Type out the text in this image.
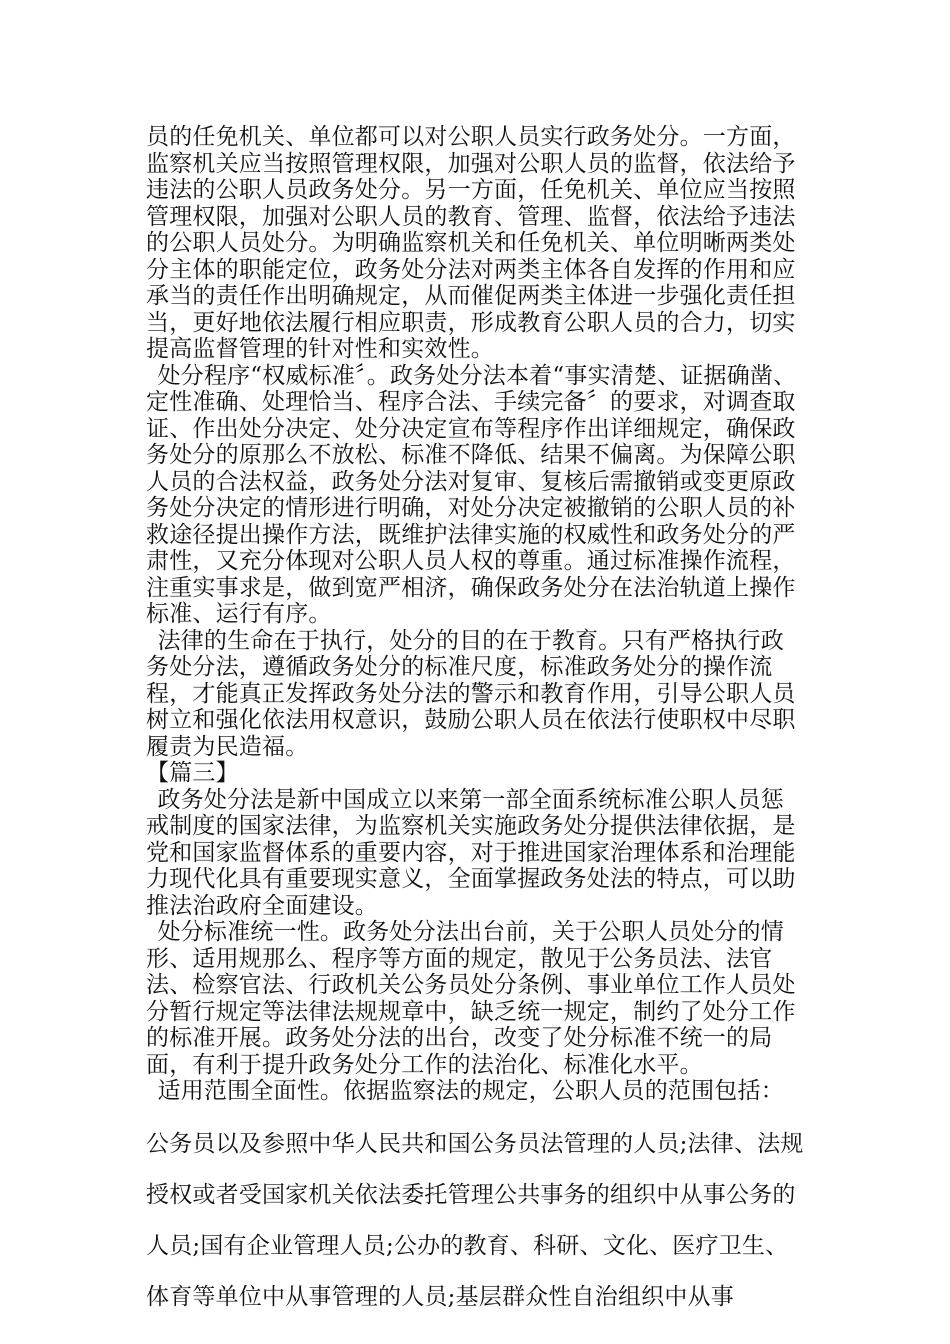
员的任免机关、单位都可以对公职人员实行政务处分。一方面，监察机关应当按照管理权限，加强对公职人员的监督，依法给予违法的公职人员政务处分。另一方面，任免机关、单位应当按照管理权限，加强对公职人员的教育、管理、监督，依法给予违法的公职人员处分。为明确监察机关和任免机关、单位明晰两类处分主体的职能定位，政务处分法对两类主体各自发挥的作用和应承当的责任作出明确规定，从而催促两类主体进一步强化责任担当，更好地依法履行相应职责，形成教育公职人员的合力，切实提高监督管理的针对性和实效性。

处分程序“权威标准〞。政务处分法本着“事实清楚、证据确凿、定性准确、处理恰当、程序合法、手续完备〞的要求，对调查取证、作出处分决定、处分决定宣布等程序作出详细规定，确保政务处分的原那么不放松、标准不降低、结果不偏离。为保障公职人员的合法权益，政务处分法对复审、复核后需撤销或变更原政务处分决定的情形进行明确，对处分决定被撤销的公职人员的补救途径提出操作方法，既维护法律实施的权威性和政务处分的严肃性，又充分体现对公职人员人权的尊重。通过标准操作流程，注重实事求是，做到宽严相济，确保政务处分在法治轨道上操作标准、运行有序。

法律的生命在于执行，处分的目的在于教育。只有严格执行政务处分法，遵循政务处分的标准尺度，标准政务处分的操作流程，才能真正发挥政务处分法的警示和教育作用，引导公职人员树立和强化依法用权意识，鼓励公职人员在依法行使职权中尽职履责为民造福。

【篇三】

政务处分法是新中国成立以来第一部全面系统标准公职人员惩戒制度的国家法律，为监察机关实施政务处分提供法律依据，是党和国家监督体系的重要内容，对于推进国家治理体系和治理能力现代化具有重要现实意义，全面掌握政务处法的特点，可以助推法治政府全面建设。

处分标准统一性。政务处分法出台前，关于公职人员处分的情形、适用规那么、程序等方面的规定，散见于公务员法、法官法、检察官法、行政机关公务员处分条例、事业单位工作人员处分暂行规定等法律法规规章中，缺乏统一规定，制约了处分工作的标准开展。政务处分法的出台，改变了处分标准不统一的局面，有利于提升政务处分工作的法治化、标准化水平。

适用范围全面性。依据监察法的规定，公职人员的范围包括：

公务员以及参照中华人民共和国公务员法管理的人员;法律、法规授权或者受国家机关依法委托管理公共事务的组织中从事公务的人员;国有企业管理人员;公办的教育、科研、文化、医疗卫生、体育等单位中从事管理的人员;基层群众性自治组织中从事
